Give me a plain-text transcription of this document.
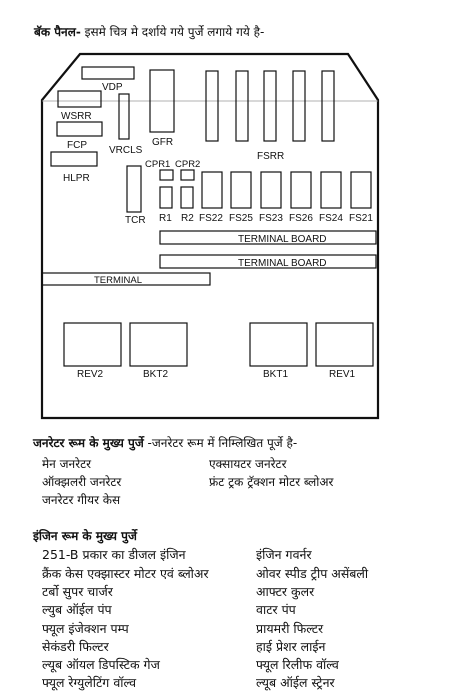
बॅक पैनल- इसमे चित्र मे दर्शाये गये पुर्जे लगाये गये है-
VDP
WSRR
FCP VRCLS
HLPR
GFR
FSRR
TCR
CPR1 CPR2
R1 R2 FS22 FS25 FS23 FS26 FS24 FS21
TERMINAL BOARD
TERMINAL BOARD
TERMINAL
REV2	BKT2	BKT1	REV1
जनरेटर रूम के मुख्य पुर्जे -जनरेटर रूम में निम्लिखित पूर्जे है-
मेन जनरेटर
ऑक्झलरी जनरेटर
जनरेटर गीयर केस
एक्सायटर जनरेटर
फ्रंट ट्रक ट्रॅक्शन मोटर ब्लोअर
इंजिन रूम के मुख्य पुर्जे
251-B प्रकार का डीजल इंजिन
क्रैंक केस एक्झास्टर मोटर एवं ब्लोअर
टर्बो सुपर चार्जर
ल्युब ऑईल पंप
फ्यूल इंजेक्शन पम्प
सेकंडरी फिल्टर
ल्यूब ऑयल डिपस्टिक गेज
फ्यूल रेग्युलेटिंग वॉल्व
इंजिन गवर्नर
ओवर स्पीड ट्रीप असेंबली
आफ्टर कुलर
वाटर पंप
प्रायमरी फिल्टर
हाई प्रेशर लाईन
फ्यूल रिलीफ वॉल्व
ल्यूब ऑईल स्ट्रेनर
